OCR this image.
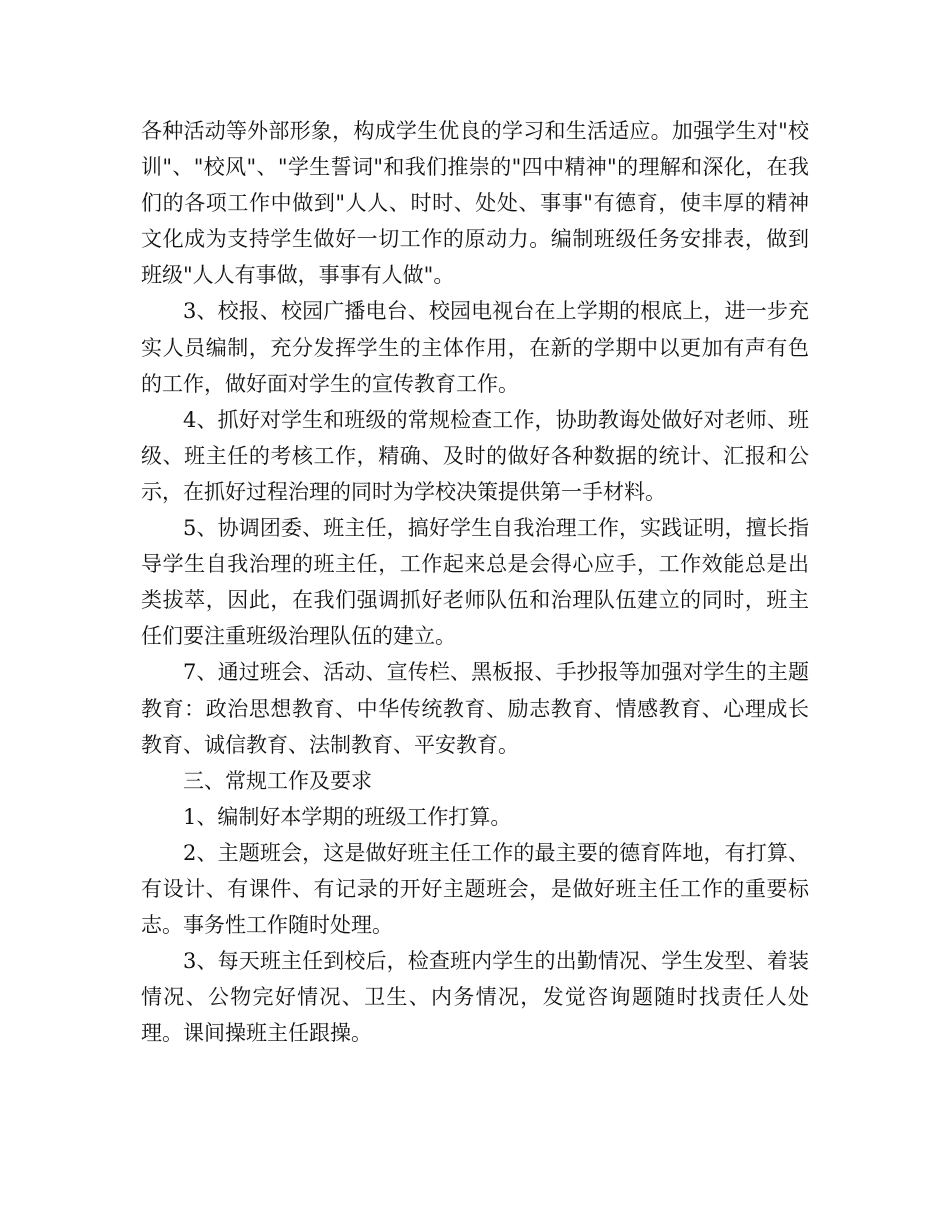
各种活动等外部形象，构成学生优良的学习和生活适应。加强学生对"校训"、"校风"、"学生誓词"和我们推崇的"四中精神"的理解和深化，在我们的各项工作中做到"人人、时时、处处、事事"有德育，使丰厚的精神文化成为支持学生做好一切工作的原动力。编制班级任务安排表，做到班级"人人有事做，事事有人做"。

3、校报、校园广播电台、校园电视台在上学期的根底上，进一步充实人员编制，充分发挥学生的主体作用，在新的学期中以更加有声有色的工作，做好面对学生的宣传教育工作。

4、抓好对学生和班级的常规检查工作，协助教诲处做好对老师、班级、班主任的考核工作，精确、及时的做好各种数据的统计、汇报和公示，在抓好过程治理的同时为学校决策提供第一手材料。

5、协调团委、班主任，搞好学生自我治理工作，实践证明，擅长指导学生自我治理的班主任，工作起来总是会得心应手，工作效能总是出类拔萃，因此，在我们强调抓好老师队伍和治理队伍建立的同时，班主任们要注重班级治理队伍的建立。

7、通过班会、活动、宣传栏、黑板报、手抄报等加强对学生的主题教育：政治思想教育、中华传统教育、励志教育、情感教育、心理成长教育、诚信教育、法制教育、平安教育。

三、常规工作及要求

1、编制好本学期的班级工作打算。

2、主题班会，这是做好班主任工作的最主要的德育阵地，有打算、有设计、有课件、有记录的开好主题班会，是做好班主任工作的重要标志。事务性工作随时处理。

3、每天班主任到校后，检查班内学生的出勤情况、学生发型、着装情况、公物完好情况、卫生、内务情况，发觉咨询题随时找责任人处理。课间操班主任跟操。
